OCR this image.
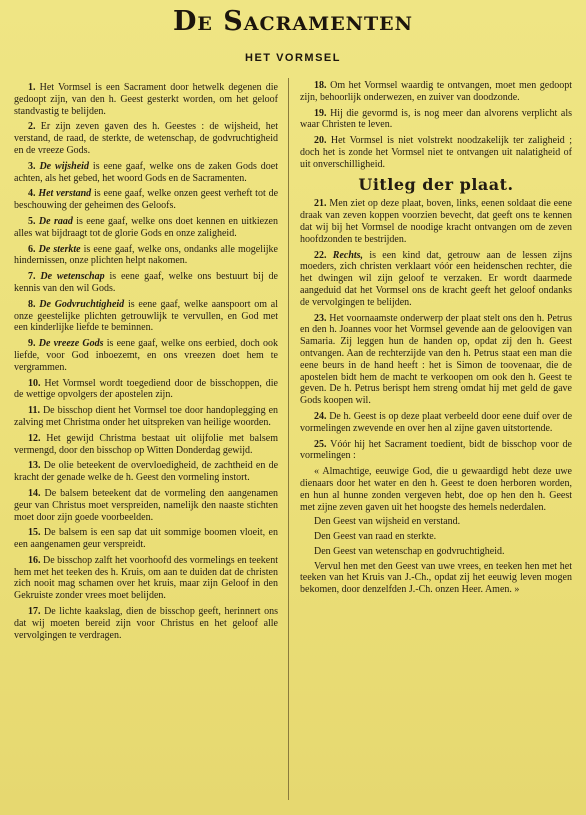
De Sacramenten
HET VORMSEL

1. Het Vormsel is een Sacrament door hetwelk degenen die gedoopt zijn, van den h. Geest gesterkt worden, om het geloof standvastig te belijden.

2. Er zijn zeven gaven des h. Geestes : de wijsheid, het verstand, de raad, de sterkte, de wetenschap, de godvruchtigheid en de vreeze Gods.

3. De wijsheid is eene gaaf, welke ons de zaken Gods doet achten, als het gebed, het woord Gods en de Sacramenten.

4. Het verstand is eene gaaf, welke onzen geest verheft tot de beschouwing der geheimen des Geloofs.

5. De raad is eene gaaf, welke ons doet kennen en uitkiezen alles wat bijdraagt tot de glorie Gods en onze zaligheid.

6. De sterkte is eene gaaf, welke ons, ondanks alle mogelijke hindernissen, onze plichten helpt nakomen.

7. De wetenschap is eene gaaf, welke ons bestuurt bij de kennis van den wil Gods.

8. De Godvruchtigheid is eene gaaf, welke aanspoort om al onze geestelijke plichten getrouwlijk te vervullen, en God met een kinderlijke liefde te beminnen.

9. De vreeze Gods is eene gaaf, welke ons eerbied, doch ook liefde, voor God inboezemt, en ons vreezen doet hem te vergrammen.

10. Het Vormsel wordt toegediend door de bisschoppen, die de wettige opvolgers der apostelen zijn.

11. De bisschop dient het Vormsel toe door handoplegging en zalving met Christma onder het uitspreken van heilige woorden.

12. Het gewijd Christma bestaat uit olijfolie met balsem vermengd, door den bisschop op Witten Donderdag gewijd.

13. De olie beteekent de overvloedigheid, de zachtheid en de kracht der genade welke de h. Geest den vormeling instort.

14. De balsem beteekent dat de vormeling den aangenamen geur van Christus moet verspreiden, namelijk den naaste stichten moet door zijn goede voorbeelden.

15. De balsem is een sap dat uit sommige boomen vloeit, en een aangenamen geur verspreidt.

16. De bisschop zalft het voorhoofd des vormelings en teekent hem met het teeken des h. Kruis, om aan te duiden dat de christen zich nooit mag schamen over het kruis, maar zijn Geloof in den Gekruiste zonder vrees moet belijden.

17. De lichte kaakslag, dien de bisschop geeft, herinnert ons dat wij moeten bereid zijn voor Christus en het geloof alle vervolgingen te verdragen.

18. Om het Vormsel waardig te ontvangen, moet men gedoopt zijn, behoorlijk onderwezen, en zuiver van doodzonde.

19. Hij die gevormd is, is nog meer dan alvorens verplicht als waar Christen te leven.

20. Het Vormsel is niet volstrekt noodzakelijk ter zaligheid ; doch het is zonde het Vormsel niet te ontvangen uit nalatigheid of uit onverschilligheid.

Uitleg der plaat.

21. Men ziet op deze plaat, boven, links, eenen soldaat die eene draak van zeven koppen voorzien bevecht, dat geeft ons te kennen dat wij bij het Vormsel de noodige kracht ontvangen om de zeven hoofdzonden te bestrijden.

22. Rechts, is een kind dat, getrouw aan de lessen zijns moeders, zich christen verklaart vóór een heidenschen rechter, die het dwingen wil zijn geloof te verzaken. Er wordt daarmede aangeduid dat het Vormsel ons de kracht geeft het geloof ondanks de vervolgingen te belijden.

23. Het voornaamste onderwerp der plaat stelt ons den h. Petrus en den h. Joannes voor het Vormsel gevende aan de geloovigen van Samaria. Zij leggen hun de handen op, opdat zij den h. Geest ontvangen. Aan de rechterzijde van den h. Petrus staat een man die eene beurs in de hand heeft : het is Simon de toovenaar, die de apostelen bidt hem de macht te verkoopen om ook den h. Geest te geven. De h. Petrus berispt hem streng omdat hij met geld de gave Gods koopen wil.

24. De h. Geest is op deze plaat verbeeld door eene duif over de vormelingen zwevende en over hen al zijne gaven uitstortende.

25. Vóór hij het Sacrament toedient, bidt de bisschop voor de vormelingen :

« Almachtige, eeuwige God, die u gewaardigd hebt deze uwe dienaars door het water en den h. Geest te doen herboren worden, en hun al hunne zonden vergeven hebt, doe op hen den h. Geest met zijne zeven gaven uit het hoogste des hemels nederdalen.

Den Geest van wijsheid en verstand.

Den Geest van raad en sterkte.

Den Geest van wetenschap en godvruchtigheid.

Vervul hen met den Geest van uwe vrees, en teeken hen met het teeken van het Kruis van J.-Ch., opdat zij het eeuwig leven mogen bekomen, door denzelfden J.-Ch. onzen Heer. Amen. »
